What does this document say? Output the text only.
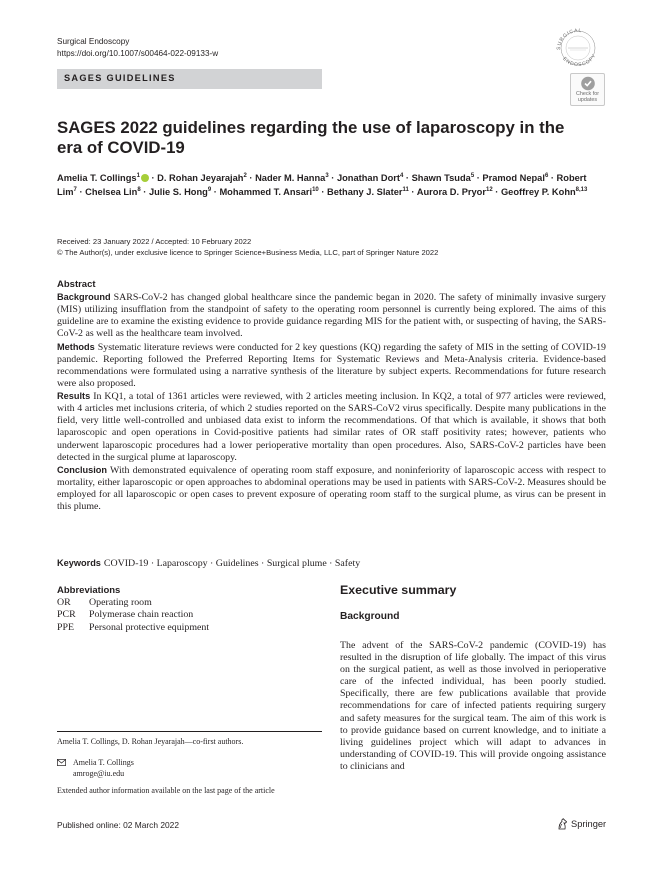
Surgical Endoscopy
https://doi.org/10.1007/s00464-022-09133-w
SURGICAL
ENDOSCOPY
SAGES GUIDELINES
Check for
updates
SAGES 2022 guidelines regarding the use of laparoscopy in the era of COVID-19
Amelia T. Collings$^1$ · D. Rohan Jeyarajah$^2$ · Nader M. Hanna$^3$ · Jonathan Dort$^4$ · Shawn Tsuda$^5$ · Pramod Nepal$^6$ · Robert Lim$^7$ · Chelsea Lin$^8$ · Julie S. Hong$^9$ · Mohammed T. Ansari$^{10}$ · Bethany J. Slater$^{11}$ · Aurora D. Pryor$^{12}$ · Geoffrey P. Kohn$^{8,13}$
Received: 23 January 2022 / Accepted: 10 February 2022
© The Author(s), under exclusive licence to Springer Science+Business Media, LLC, part of Springer Nature 2022
Abstract

Background SARS-CoV-2 has changed global healthcare since the pandemic began in 2020. The safety of minimally invasive surgery (MIS) utilizing insufflation from the standpoint of safety to the operating room personnel is currently being explored. The aims of this guideline are to examine the existing evidence to provide guidance regarding MIS for the patient with, or suspecting of having, the SARS-CoV-2 as well as the healthcare team involved.

Methods Systematic literature reviews were conducted for 2 key questions (KQ) regarding the safety of MIS in the setting of COVID-19 pandemic. Reporting followed the Preferred Reporting Items for Systematic Reviews and Meta-Analysis criteria. Evidence-based recommendations were formulated using a narrative synthesis of the literature by subject experts. Recommendations for future research were also proposed.

Results In KQ1, a total of 1361 articles were reviewed, with 2 articles meeting inclusion. In KQ2, a total of 977 articles were reviewed, with 4 articles met inclusions criteria, of which 2 studies reported on the SARS-CoV2 virus specifically. Despite many publications in the field, very little well-controlled and unbiased data exist to inform the recommendations. Of that which is available, it shows that both laparoscopic and open operations in Covid-positive patients had similar rates of OR staff positivity rates; however, patients who underwent laparoscopic procedures had a lower perioperative mortality than open procedures. Also, SARS-CoV-2 particles have been detected in the surgical plume at laparoscopy.

Conclusion With demonstrated equivalence of operating room staff exposure, and noninferiority of laparoscopic access with respect to mortality, either laparoscopic or open approaches to abdominal operations may be used in patients with SARS-CoV-2. Measures should be employed for all laparoscopic or open cases to prevent exposure of operating room staff to the surgical plume, as virus can be present in this plume.

Keywords COVID-19 · Laparoscopy · Guidelines · Surgical plume · Safety
Abbreviations
OR	Operating room
PCR	Polymerase chain reaction
PPE	Personal protective equipment
Amelia T. Collings, D. Rohan Jeyarajah—co-first authors.
Amelia T. Collings
amroge@iu.edu
Extended author information available on the last page of the article
Executive summary
Background

The advent of the SARS-CoV-2 pandemic (COVID-19) has resulted in the disruption of life globally. The impact of this virus on the surgical patient, as well as those involved in perioperative care of the infected individual, has been poorly studied. Specifically, there are few publications available that provide recommendations for care of infected patients requiring surgery and safety measures for the surgical team. The aim of this work is to provide guidance based on current knowledge, and to initiate a living guidelines project which will adapt to advances in understanding of COVID-19. This will provide ongoing assistance to clinicians and

Published online: 02 March 2022	Springer
